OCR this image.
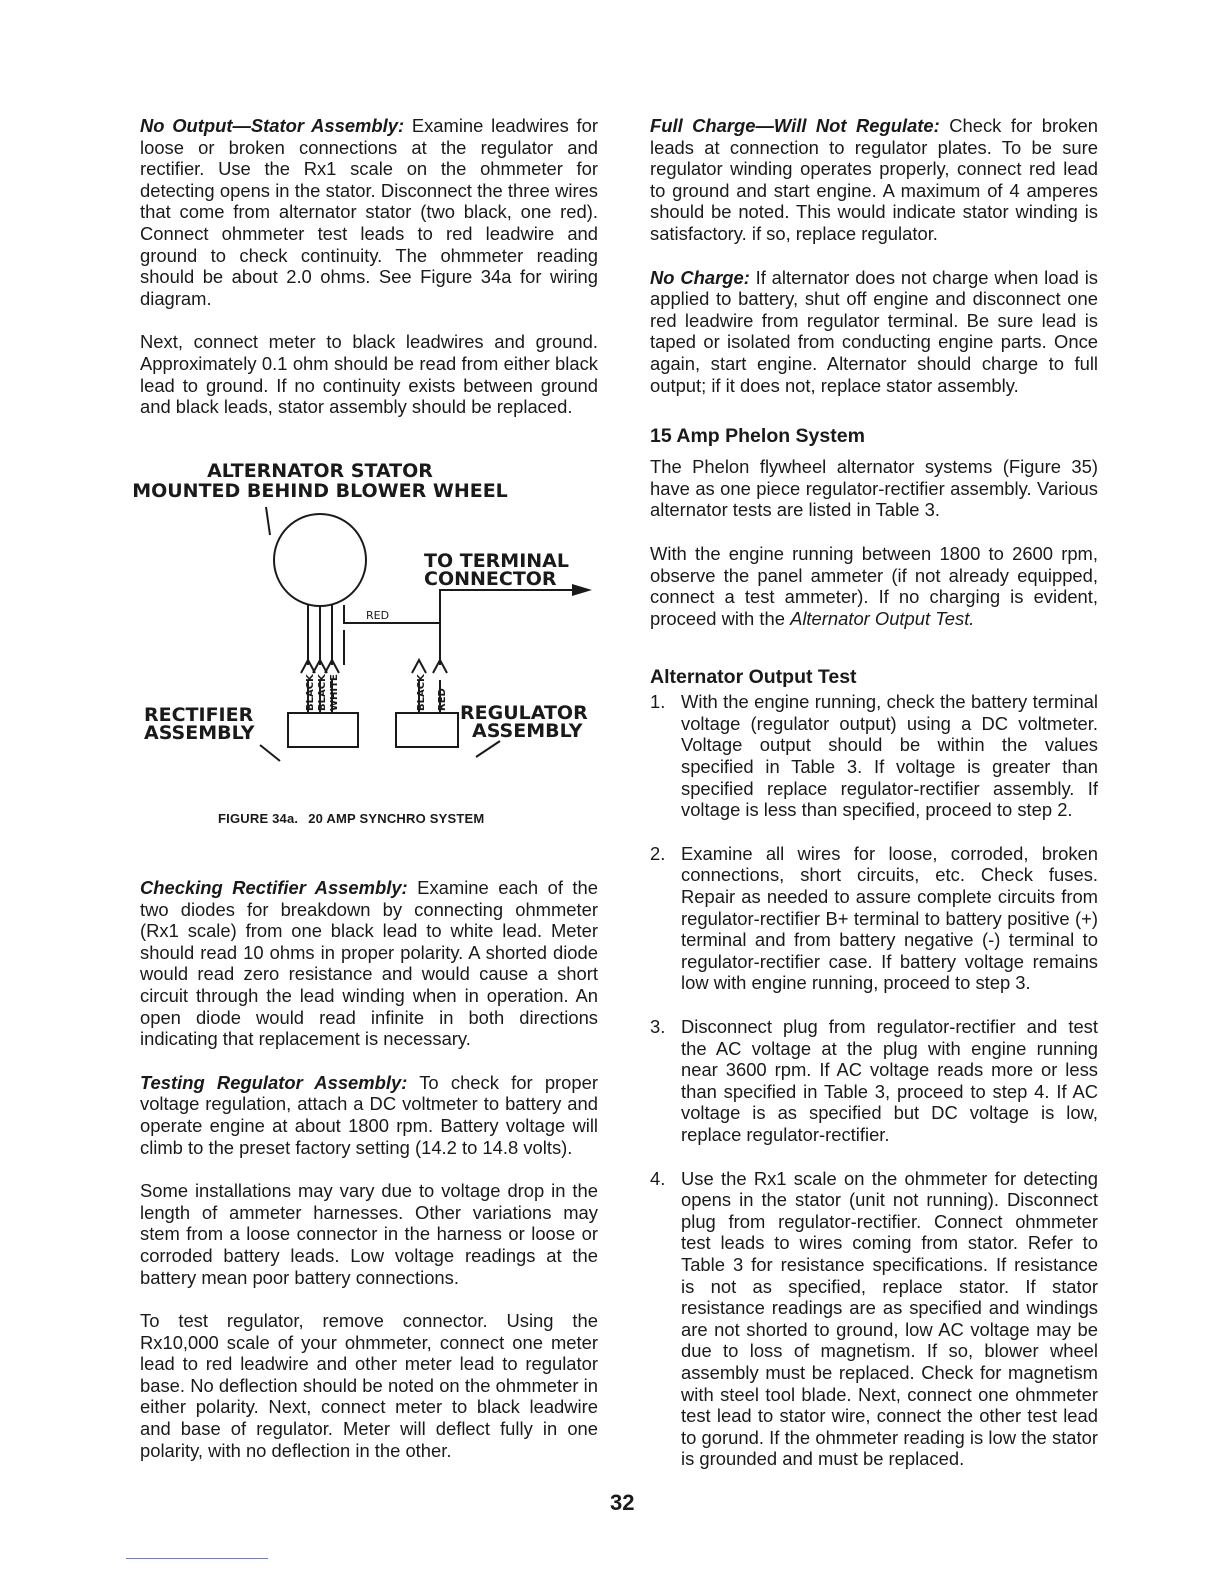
No Output—Stator Assembly: Examine leadwires for loose or broken connections at the regulator and rectifier. Use the Rx1 scale on the ohmmeter for detecting opens in the stator. Disconnect the three wires that come from alternator stator (two black, one red). Connect ohmmeter test leads to red leadwire and ground to check continuity. The ohmmeter reading should be about 2.0 ohms. See Figure 34a for wiring diagram.

Next, connect meter to black leadwires and ground. Approximately 0.1 ohm should be read from either black lead to ground. If no continuity exists between ground and black leads, stator assembly should be replaced.

ALTERNATOR STATOR
MOUNTED BEHIND BLOWER WHEEL
TO TERMINAL
CONNECTOR
RECTIFIER
ASSEMBLY
REGULATOR
ASSEMBLY
RED
BLACK BLACK WHITE	BLACK RED
FIGURE 34a. 20 AMP SYNCHRO SYSTEM

Checking Rectifier Assembly: Examine each of the two diodes for breakdown by connecting ohmmeter (Rx1 scale) from one black lead to white lead. Meter should read 10 ohms in proper polarity. A shorted diode would read zero resistance and would cause a short circuit through the lead winding when in operation. An open diode would read infinite in both directions indicating that replacement is necessary.

Testing Regulator Assembly: To check for proper voltage regulation, attach a DC voltmeter to battery and operate engine at about 1800 rpm. Battery voltage will climb to the preset factory setting (14.2 to 14.8 volts).

Some installations may vary due to voltage drop in the length of ammeter harnesses. Other variations may stem from a loose connector in the harness or loose or corroded battery leads. Low voltage readings at the battery mean poor battery connections.

To test regulator, remove connector. Using the Rx10,000 scale of your ohmmeter, connect one meter lead to red leadwire and other meter lead to regulator base. No deflection should be noted on the ohmmeter in either polarity. Next, connect meter to black leadwire and base of regulator. Meter will deflect fully in one polarity, with no deflection in the other.

Full Charge—Will Not Regulate: Check for broken leads at connection to regulator plates. To be sure regulator winding operates properly, connect red lead to ground and start engine. A maximum of 4 amperes should be noted. This would indicate stator winding is satisfactory. if so, replace regulator.

No Charge: If alternator does not charge when load is applied to battery, shut off engine and disconnect one red leadwire from regulator terminal. Be sure lead is taped or isolated from conducting engine parts. Once again, start engine. Alternator should charge to full output; if it does not, replace stator assembly.

15 Amp Phelon System

The Phelon flywheel alternator systems (Figure 35) have as one piece regulator-rectifier assembly. Various alternator tests are listed in Table 3.

With the engine running between 1800 to 2600 rpm, observe the panel ammeter (if not already equipped, connect a test ammeter). If no charging is evident, proceed with the Alternator Output Test.

Alternator Output Test
1. With the engine running, check the battery terminal voltage (regulator output) using a DC voltmeter. Voltage output should be within the values specified in Table 3. If voltage is greater than specified replace regulator-rectifier assembly. If voltage is less than specified, proceed to step 2.
2. Examine all wires for loose, corroded, broken connections, short circuits, etc. Check fuses. Repair as needed to assure complete circuits from regulator-rectifier B+ terminal to battery positive (+) terminal and from battery negative (-) terminal to regulator-rectifier case. If battery voltage remains low with engine running, proceed to step 3.
3. Disconnect plug from regulator-rectifier and test the AC voltage at the plug with engine running near 3600 rpm. If AC voltage reads more or less than specified in Table 3, proceed to step 4. If AC voltage is as specified but DC voltage is low, replace regulator-rectifier.
4. Use the Rx1 scale on the ohmmeter for detecting opens in the stator (unit not running). Disconnect plug from regulator-rectifier. Connect ohmmeter test leads to wires coming from stator. Refer to Table 3 for resistance specifications. If resistance is not as specified, replace stator. If stator resistance readings are as specified and windings are not shorted to ground, low AC voltage may be due to loss of magnetism. If so, blower wheel assembly must be replaced. Check for magnetism with steel tool blade. Next, connect one ohmmeter test lead to stator wire, connect the other test lead to gorund. If the ohmmeter reading is low the stator is grounded and must be replaced.
32
